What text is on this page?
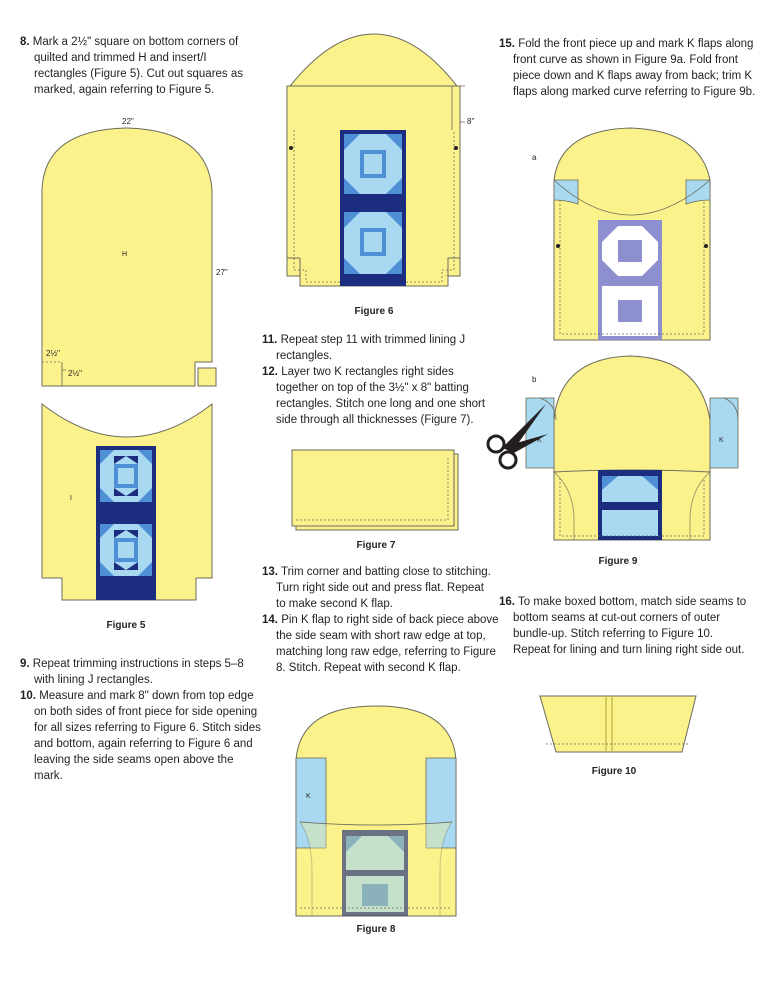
8. Mark a 2½" square on bottom corners of quilted and trimmed H and insert/I rectangles (Figure 5). Cut out squares as marked, again referring to Figure 5.

9. Repeat trimming instructions in steps 5–8 with lining J rectangles.

10. Measure and mark 8" down from top edge on both sides of front piece for side opening for all sizes referring to Figure 6. Stitch sides and bottom, again referring to Figure 6 and leaving the side seams open above the mark.

11. Repeat step 11 with trimmed lining J rectangles.

12. Layer two K rectangles right sides together on top of the 3½" x 8" batting rectangles. Stitch one long and one short side through all thicknesses (Figure 7).

13. Trim corner and batting close to stitching. Turn right side out and press flat. Repeat to make second K flap.

14. Pin K flap to right side of back piece above the side seam with short raw edge at top, matching long raw edge, referring to Figure 8. Stitch. Repeat with second K flap.

15. Fold the front piece up and mark K flaps along front curve as shown in Figure 9a. Fold front piece down and K flaps away from back; trim K flaps along marked curve referring to Figure 9b.

16. To make boxed bottom, match side seams to bottom seams at cut-out corners of outer bundle-up. Stitch referring to Figure 10. Repeat for lining and turn lining right side out.

22"
H
27"
2½"
2½"
I
Figure 5
8"
Figure 6
Figure 7
K
Figure 8
a
b
K	K
Figure 9
Figure 10
